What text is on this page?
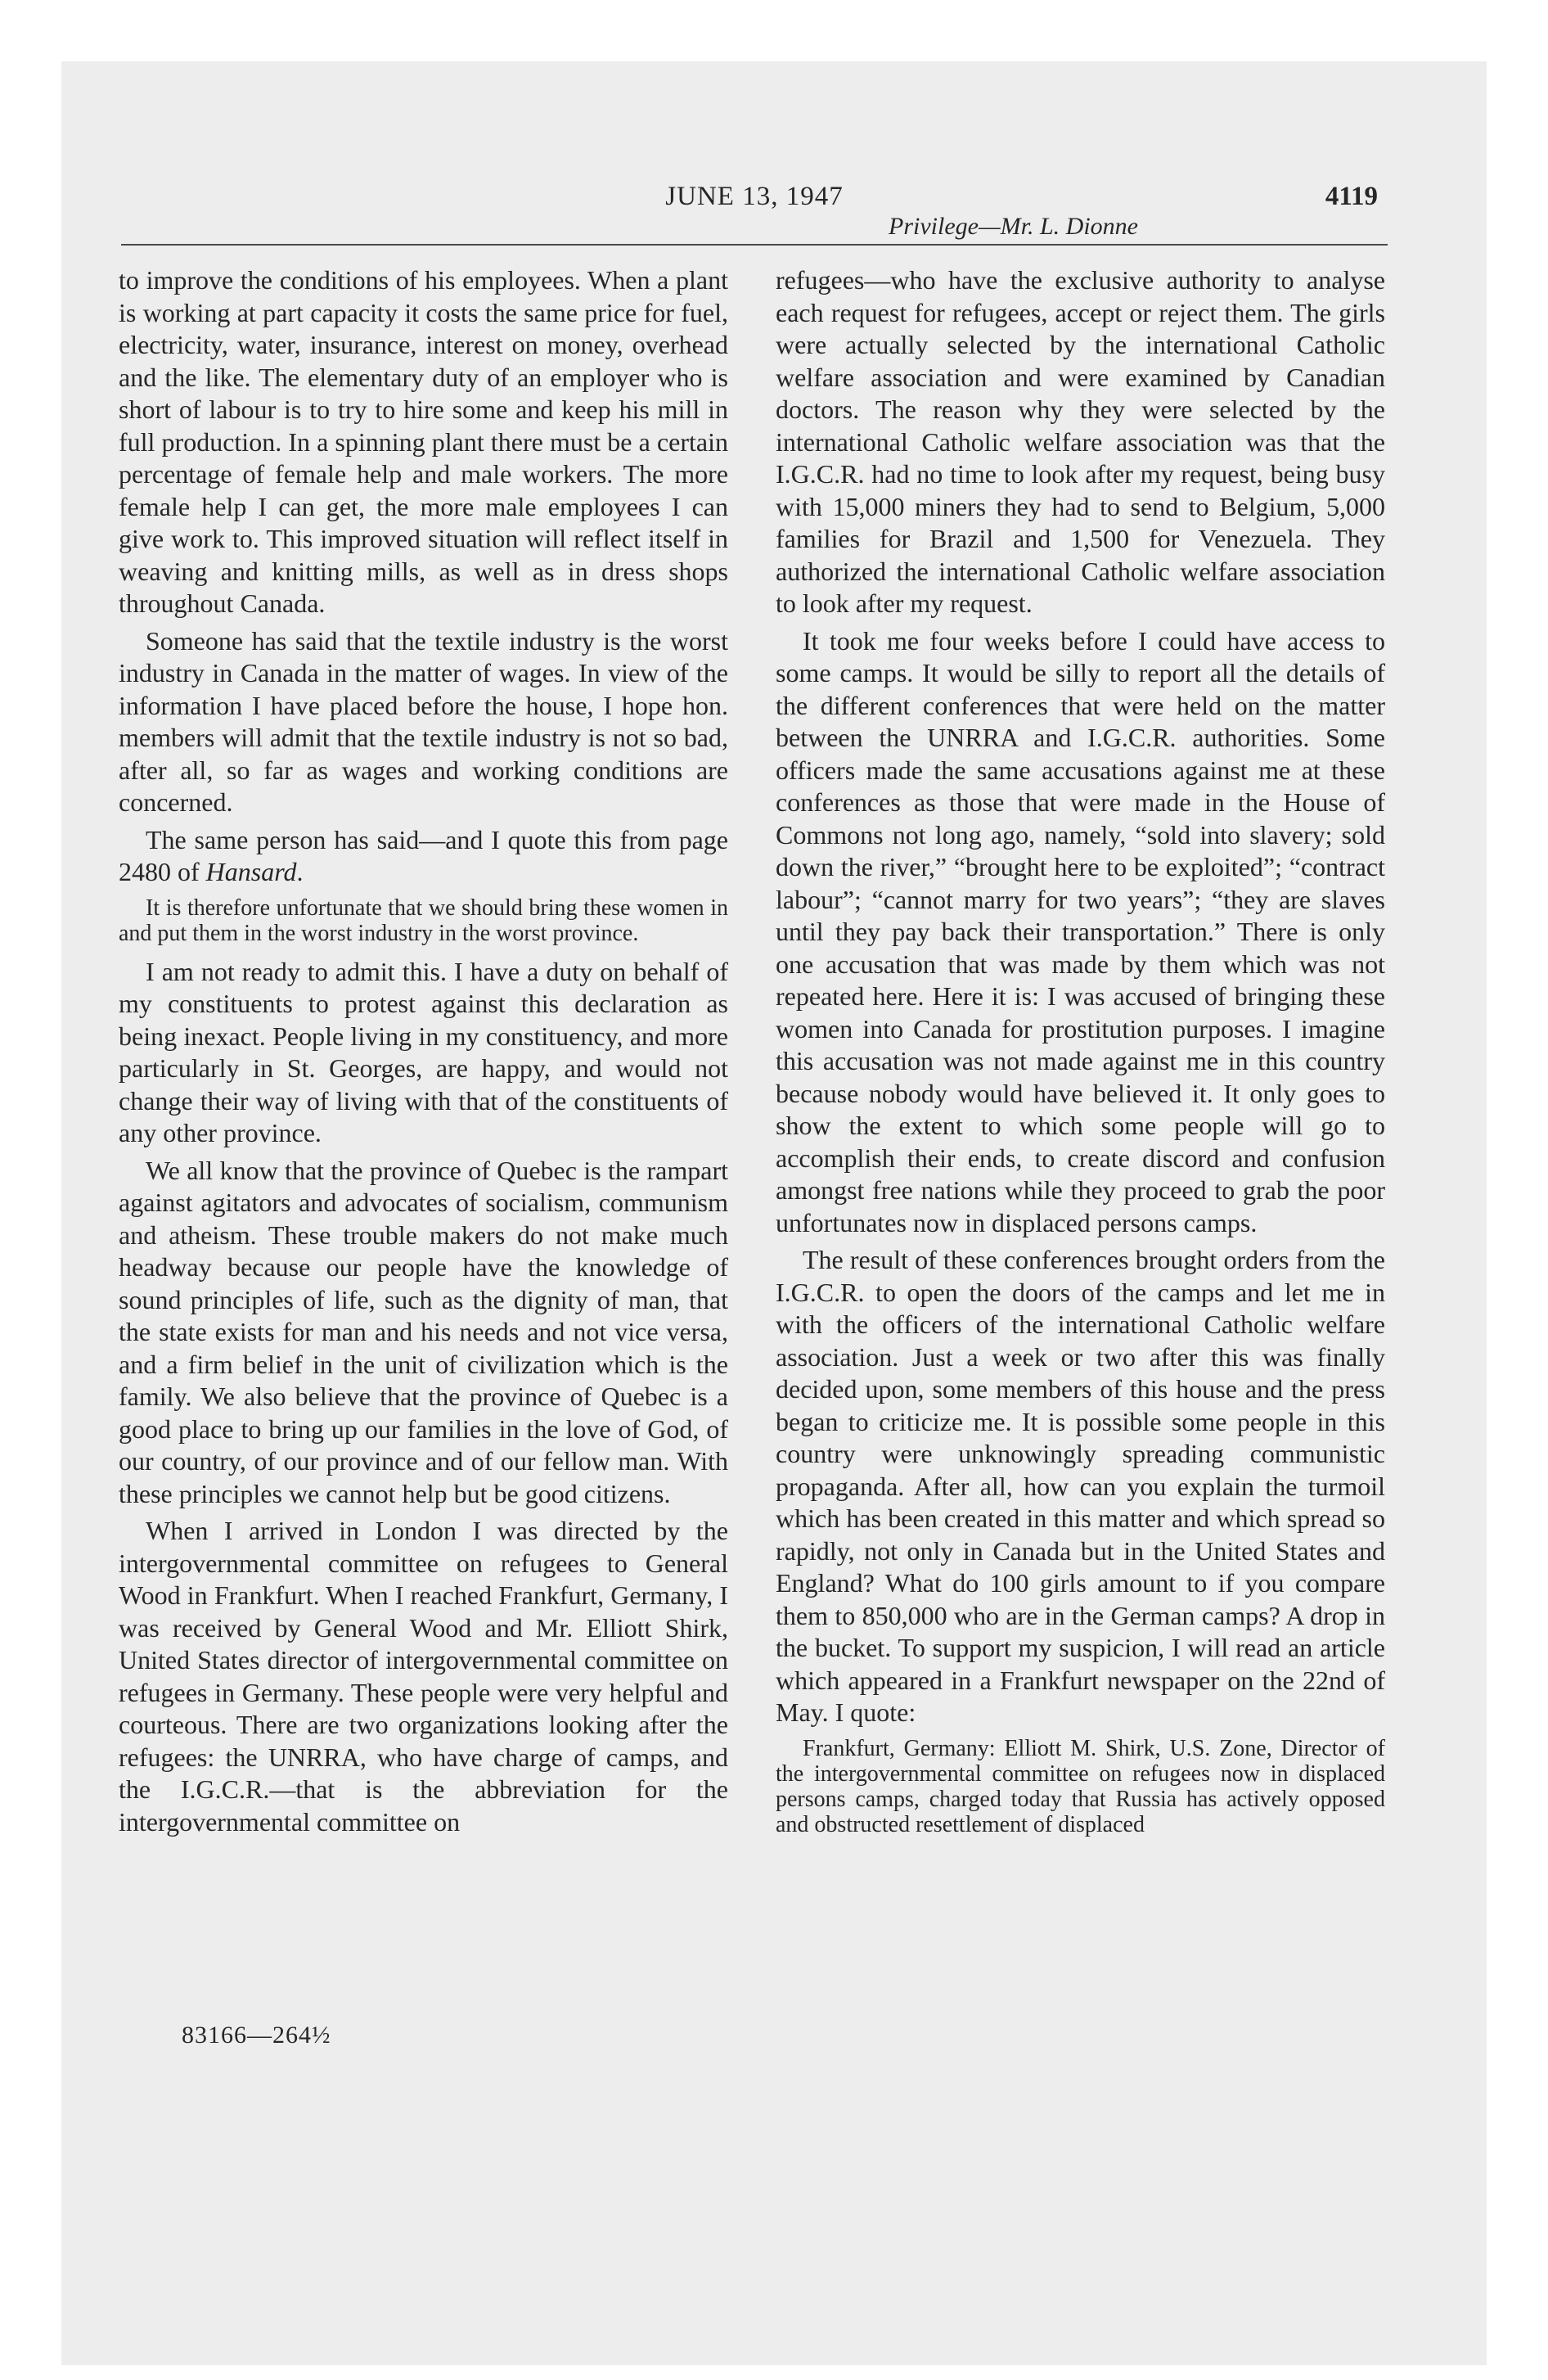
JUNE 13, 1947	4119
Privilege—Mr. L. Dionne

to improve the conditions of his employees. When a plant is working at part capacity it costs the same price for fuel, electricity, water, insurance, interest on money, overhead and the like. The elementary duty of an employer who is short of labour is to try to hire some and keep his mill in full production. In a spinning plant there must be a certain percentage of female help and male workers. The more female help I can get, the more male employees I can give work to. This improved situation will reflect itself in weaving and knitting mills, as well as in dress shops throughout Canada.

Someone has said that the textile industry is the worst industry in Canada in the matter of wages. In view of the information I have placed before the house, I hope hon. members will admit that the textile industry is not so bad, after all, so far as wages and working conditions are concerned.

The same person has said—and I quote this from page 2480 of Hansard.

It is therefore unfortunate that we should bring these women in and put them in the worst industry in the worst province.

I am not ready to admit this. I have a duty on behalf of my constituents to protest against this declaration as being inexact. People living in my constituency, and more particularly in St. Georges, are happy, and would not change their way of living with that of the constituents of any other province.

We all know that the province of Quebec is the rampart against agitators and advocates of socialism, communism and atheism. These trouble makers do not make much headway because our people have the knowledge of sound principles of life, such as the dignity of man, that the state exists for man and his needs and not vice versa, and a firm belief in the unit of civilization which is the family. We also believe that the province of Quebec is a good place to bring up our families in the love of God, of our country, of our province and of our fellow man. With these principles we cannot help but be good citizens.

When I arrived in London I was directed by the intergovernmental committee on refugees to General Wood in Frankfurt. When I reached Frankfurt, Germany, I was received by General Wood and Mr. Elliott Shirk, United States director of intergovernmental committee on refugees in Germany. These people were very helpful and courteous. There are two organizations looking after the refugees: the UNRRA, who have charge of camps, and the I.G.C.R.—that is the abbreviation for the intergovernmental committee on

refugees—who have the exclusive authority to analyse each request for refugees, accept or reject them. The girls were actually selected by the international Catholic welfare association and were examined by Canadian doctors. The reason why they were selected by the international Catholic welfare association was that the I.G.C.R. had no time to look after my request, being busy with 15,000 miners they had to send to Belgium, 5,000 families for Brazil and 1,500 for Venezuela. They authorized the international Catholic welfare association to look after my request.

It took me four weeks before I could have access to some camps. It would be silly to report all the details of the different conferences that were held on the matter between the UNRRA and I.G.C.R. authorities. Some officers made the same accusations against me at these conferences as those that were made in the House of Commons not long ago, namely, “sold into slavery; sold down the river,” “brought here to be exploited”; “contract labour”; “cannot marry for two years”; “they are slaves until they pay back their transportation.” There is only one accusation that was made by them which was not repeated here. Here it is: I was accused of bringing these women into Canada for prostitution purposes. I imagine this accusation was not made against me in this country because nobody would have believed it. It only goes to show the extent to which some people will go to accomplish their ends, to create discord and confusion amongst free nations while they proceed to grab the poor unfortunates now in displaced persons camps.

The result of these conferences brought orders from the I.G.C.R. to open the doors of the camps and let me in with the officers of the international Catholic welfare association. Just a week or two after this was finally decided upon, some members of this house and the press began to criticize me. It is possible some people in this country were unknowingly spreading communistic propaganda. After all, how can you explain the turmoil which has been created in this matter and which spread so rapidly, not only in Canada but in the United States and England? What do 100 girls amount to if you compare them to 850,000 who are in the German camps? A drop in the bucket. To support my suspicion, I will read an article which appeared in a Frankfurt newspaper on the 22nd of May. I quote:

Frankfurt, Germany: Elliott M. Shirk, U.S. Zone, Director of the intergovernmental committee on refugees now in displaced persons camps, charged today that Russia has actively opposed and obstructed resettlement of displaced

83166—264½
